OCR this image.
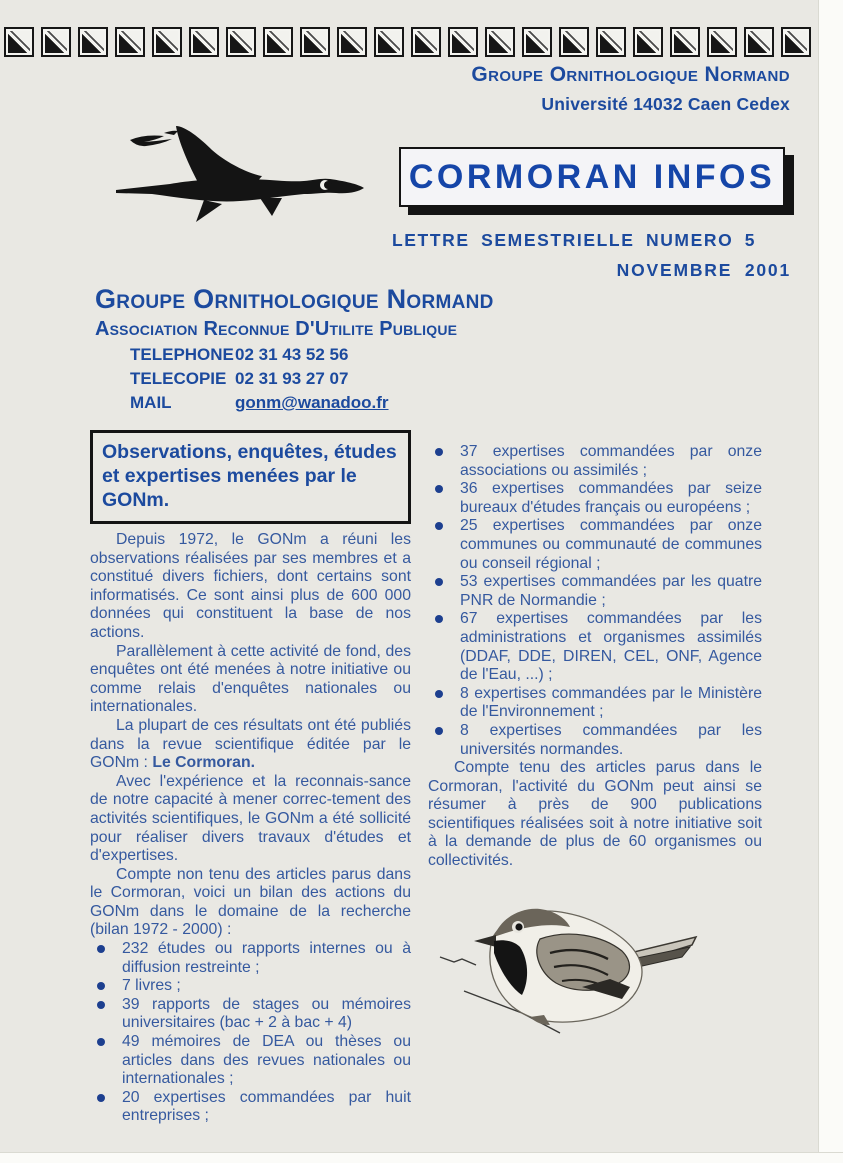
Groupe Ornithologique Normand
Université 14032 Caen Cedex
CORMORAN INFOS
LETTRE SEMESTRIELLE NUMERO 5
NOVEMBRE 2001
Groupe Ornithologique Normand
Association Reconnue D'Utilite Publique
TELEPHONE 02 31 43 52 56
TELECOPIE 02 31 93 27 07
MAIL	gonm@wanadoo.fr
Observations, enquêtes, études et expertises menées par le GONm.

Depuis 1972, le GONm a réuni les observations réalisées par ses membres et a constitué divers fichiers, dont certains sont informatisés. Ce sont ainsi plus de 600 000 données qui constituent la base de nos actions.

Parallèlement à cette activité de fond, des enquêtes ont été menées à notre initiative ou comme relais d'enquêtes nationales ou internationales.

La plupart de ces résultats ont été publiés dans la revue scientifique éditée par le GONm : Le Cormoran.

Avec l'expérience et la reconnais-sance de notre capacité à mener correc-tement des activités scientifiques, le GONm a été sollicité pour réaliser divers travaux d'études et d'expertises.

Compte non tenu des articles parus dans le Cormoran, voici un bilan des actions du GONm dans le domaine de la recherche (bilan 1972 - 2000) :

232 études ou rapports internes ou à diffusion restreinte ;
7 livres ;
39 rapports de stages ou mémoires universitaires (bac + 2 à bac + 4)
49 mémoires de DEA ou thèses ou articles dans des revues nationales ou internationales ;
20 expertises commandées par huit entreprises ;
37 expertises commandées par onze associations ou assimilés ;
36 expertises commandées par seize bureaux d'études français ou européens ;
25 expertises commandées par onze communes ou communauté de communes ou conseil régional ;
53 expertises commandées par les quatre PNR de Normandie ;
67 expertises commandées par les administrations et organismes assimilés (DDAF, DDE, DIREN, CEL, ONF, Agence de l'Eau, ...) ;
8 expertises commandées par le Ministère de l'Environnement ;
8 expertises commandées par les universités normandes.

Compte tenu des articles parus dans le Cormoran, l'activité du GONm peut ainsi se résumer à près de 900 publications scientifiques réalisées soit à notre initiative soit à la demande de plus de 60 organismes ou collectivités.
